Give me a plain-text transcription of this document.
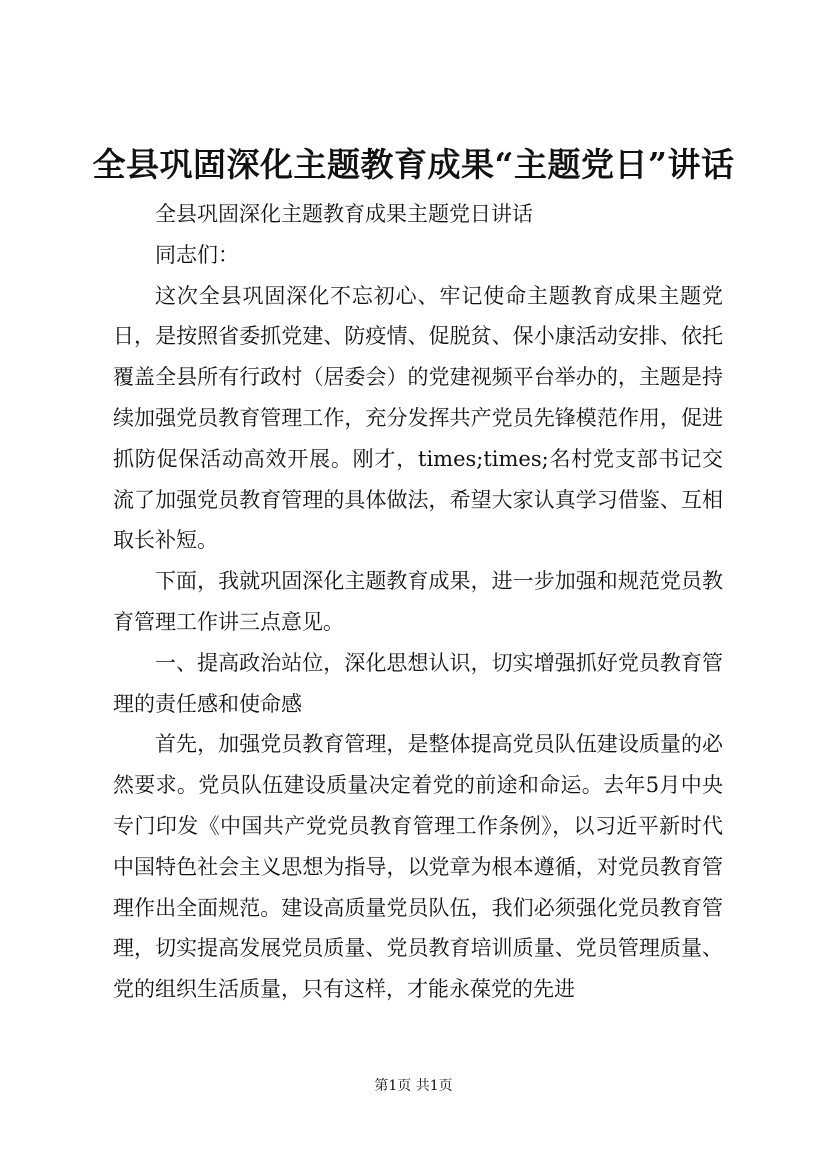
全县巩固深化主题教育成果“主题党日”讲话

全县巩固深化主题教育成果主题党日讲话

同志们：

这次全县巩固深化不忘初心、牢记使命主题教育成果主题党日，是按照省委抓党建、防疫情、促脱贫、保小康活动安排、依托覆盖全县所有行政村（居委会）的党建视频平台举办的，主题是持续加强党员教育管理工作，充分发挥共产党员先锋模范作用，促进抓防促保活动高效开展。刚才，times;times;名村党支部书记交流了加强党员教育管理的具体做法，希望大家认真学习借鉴、互相取长补短。

下面，我就巩固深化主题教育成果，进一步加强和规范党员教育管理工作讲三点意见。

一、提高政治站位，深化思想认识，切实增强抓好党员教育管理的责任感和使命感

首先，加强党员教育管理，是整体提高党员队伍建设质量的必然要求。党员队伍建设质量决定着党的前途和命运。去年5月中央专门印发《中国共产党党员教育管理工作条例》，以习近平新时代中国特色社会主义思想为指导，以党章为根本遵循，对党员教育管理作出全面规范。建设高质量党员队伍，我们必须强化党员教育管理，切实提高发展党员质量、党员教育培训质量、党员管理质量、党的组织生活质量，只有这样，才能永葆党的先进

第1页 共1页
